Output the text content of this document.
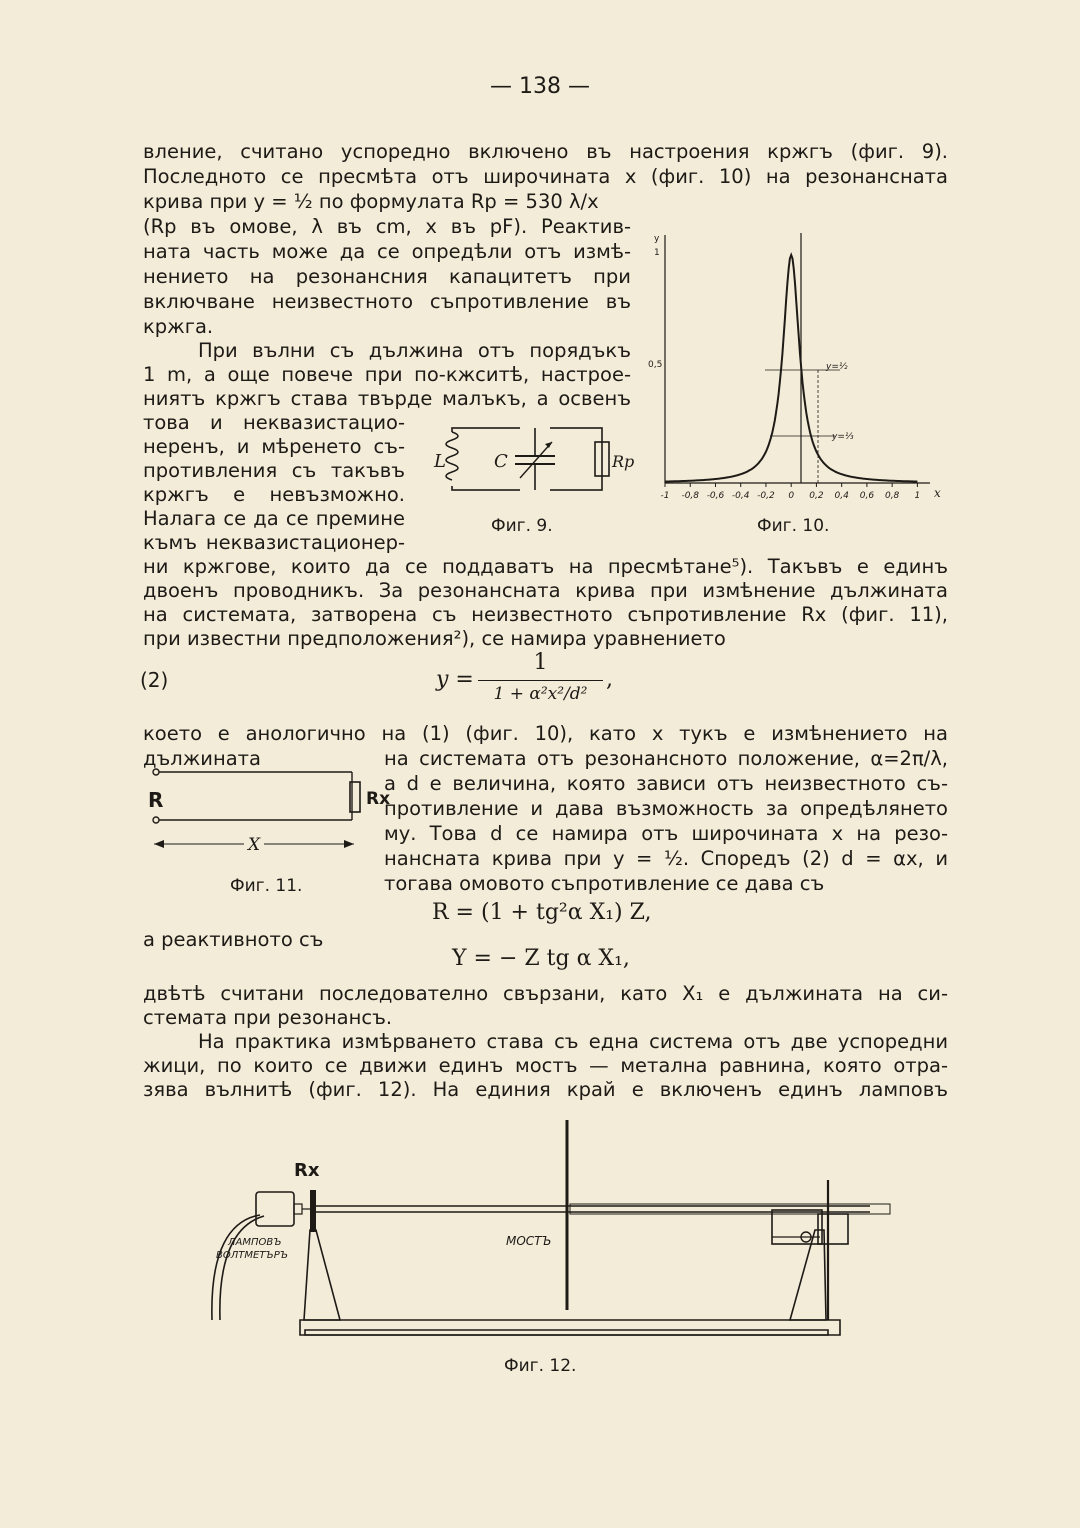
— 138 —
вление, считано успоредно включено въ настроения кржгъ (фиг. 9).
Последното се пресмѣта отъ широчината x (фиг. 10) на резонансната
крива при y = ½ по формулата Rp = 530 λ/x
(Rp въ омове, λ въ cm, x въ pF). Реактив-
ната часть може да се опредѣли отъ измѣ-
нението на резонансния капацитетъ при
включване неизвестното съпротивление въ
кржга.
При вълни съ дължина отъ порядъкъ
1 m, а още повече при по-кжситѣ, настрое-
ниятъ кржгъ става твърде малъкъ, а освенъ
това и неквазистацио-
неренъ, и мѣренето съ-
противления съ такъвъ
кржгъ е невъзможно.
Налага се да се премине
къмъ неквазистационер-
ни кржгове, които да се поддаватъ на пресмѣтане⁵). Такъвъ е единъ
двоенъ проводникъ. За резонансната крива при измѣнение дължината
на системата, затворена съ неизвестното съпротивление Rx (фиг. 11),
при известни предположения²), се намира уравнението
(2)	y =
1
1 + α²x²/d²
,
което е анологично на (1) (фиг. 10), като x тукъ е измѣнението на дължината	на системата отъ резонансното положение, α=2π/λ,
а d е величина, която зависи отъ неизвестното съ-
противление и дава възможность за опредѣлянето
му. Това d се намира отъ широчината x на резо-
нансната крива при y = ½. Споредъ (2) d = αx, и
тогава омовото съпротивление се дава съ
R = (1 + tg²α X₁) Z,
а реактивното съ
Y = − Z tg α X₁,
двѣтѣ считани последователно свързани, като X₁ е дължината на си-
стемата при резонансъ.
На практика измѣрването става съ една система отъ две успоредни
жици, по които се движи единъ мостъ — метална равнина, която отра-
зява вълнитѣ (фиг. 12). На единия край е включенъ единъ ламповъ
L	C	Rp
Фиг. 9.
-1 -0,8 -0,6 -0,4 -0,2 0 0,2 0,4 0,6 0,8 1
y
1
0,5	y=½
y=⅓
x
Фиг. 10.
R	Rx
X
Фиг. 11.
Rx
ЛАМПОВЪ
ВОЛТМЕТЪРЪ
МОСТЪ
Фиг. 12.
